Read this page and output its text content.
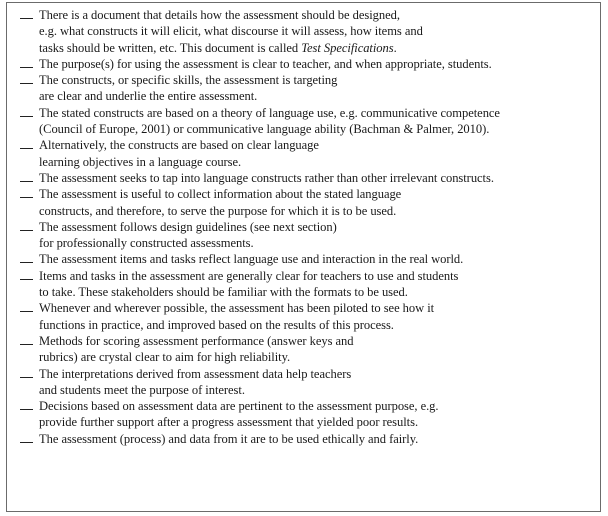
There is a document that details how the assessment should be designed,
e.g. what constructs it will elicit, what discourse it will assess, how items and
tasks should be written, etc. This document is called Test Specifications.
The purpose(s) for using the assessment is clear to teacher, and when appropriate, students.
The constructs, or specific skills, the assessment is targeting
are clear and underlie the entire assessment.
The stated constructs are based on a theory of language use, e.g. communicative competence
(Council of Europe, 2001) or communicative language ability (Bachman & Palmer, 2010).
Alternatively, the constructs are based on clear language
learning objectives in a language course.
The assessment seeks to tap into language constructs rather than other irrelevant constructs.
The assessment is useful to collect information about the stated language
constructs, and therefore, to serve the purpose for which it is to be used.
The assessment follows design guidelines (see next section)
for professionally constructed assessments.
The assessment items and tasks reflect language use and interaction in the real world.
Items and tasks in the assessment are generally clear for teachers to use and students
to take. These stakeholders should be familiar with the formats to be used.
Whenever and wherever possible, the assessment has been piloted to see how it
functions in practice, and improved based on the results of this process.
Methods for scoring assessment performance (answer keys and
rubrics) are crystal clear to aim for high reliability.
The interpretations derived from assessment data help teachers
and students meet the purpose of interest.
Decisions based on assessment data are pertinent to the assessment purpose, e.g.
provide further support after a progress assessment that yielded poor results.
The assessment (process) and data from it are to be used ethically and fairly.
